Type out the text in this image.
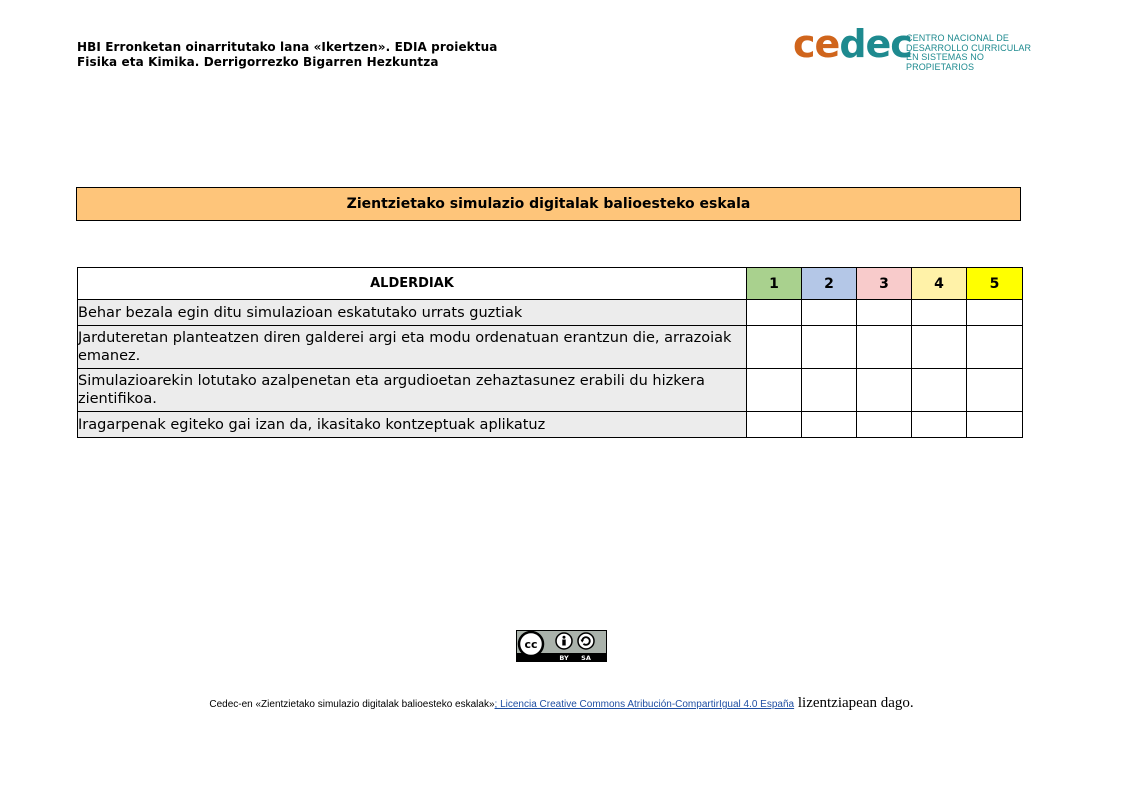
HBI Erronketan oinarritutako lana «Ikertzen». EDIA proiektua
Fisika eta Kimika. Derrigorrezko Bigarren Hezkuntza	cedec
CENTRO NACIONAL DE
DESARROLLO CURRICULAR
EN SISTEMAS NO PROPIETARIOS
Zientzietako simulazio digitalak balioesteko eskala
ALDERDIAK	1	2	3	4	5
Behar bezala egin ditu simulazioan eskatutako urrats guztiak					
Jarduteretan planteatzen diren galderei argi eta modu ordenatuan erantzun die, arrazoiak emanez.					
Simulazioarekin lotutako azalpenetan eta argudioetan zehaztasunez erabili du hizkera zientifikoa.					
Iragarpenak egiteko gai izan da, ikasitako kontzeptuak aplikatuz					
cc
BY SA
Cedec-en «Zientzietako simulazio digitalak balioesteko eskalak»; Licencia Creative Commons Atribución-CompartirIgual 4.0 España lizentziapean dago.
